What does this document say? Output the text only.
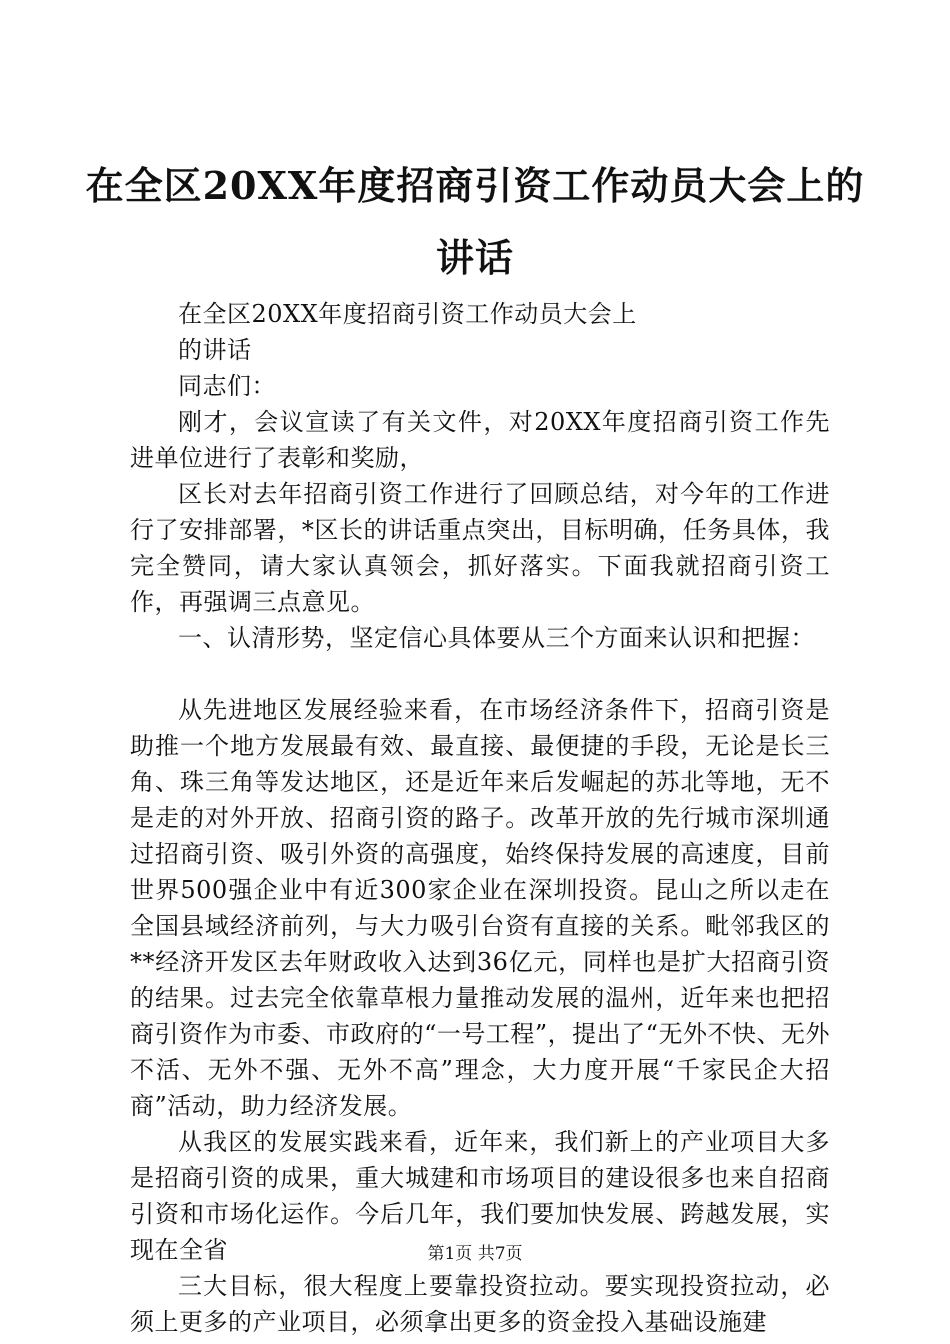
在全区20XX年度招商引资工作动员大会上的
讲话

在全区20XX年度招商引资工作动员大会上

的讲话

同志们：

刚才，会议宣读了有关文件，对20XX年度招商引资工作先进单位进行了表彰和奖励，

区长对去年招商引资工作进行了回顾总结，对今年的工作进行了安排部署，*区长的讲话重点突出，目标明确，任务具体，我完全赞同，请大家认真领会，抓好落实。下面我就招商引资工作，再强调三点意见。

一、认清形势，坚定信心具体要从三个方面来认识和把握：

从先进地区发展经验来看，在市场经济条件下，招商引资是助推一个地方发展最有效、最直接、最便捷的手段，无论是长三角、珠三角等发达地区，还是近年来后发崛起的苏北等地，无不是走的对外开放、招商引资的路子。改革开放的先行城市深圳通过招商引资、吸引外资的高强度，始终保持发展的高速度，目前世界500强企业中有近300家企业在深圳投资。昆山之所以走在全国县域经济前列，与大力吸引台资有直接的关系。毗邻我区的**经济开发区去年财政收入达到36亿元，同样也是扩大招商引资的结果。过去完全依靠草根力量推动发展的温州，近年来也把招商引资作为市委、市政府的“一号工程”，提出了“无外不快、无外不活、无外不强、无外不高”理念，大力度开展“千家民企大招商”活动，助力经济发展。

从我区的发展实践来看，近年来，我们新上的产业项目大多是招商引资的成果，重大城建和市场项目的建设很多也来自招商引资和市场化运作。今后几年，我们要加快发展、跨越发展，实现在全省

三大目标，很大程度上要靠投资拉动。要实现投资拉动，必须上更多的产业项目，必须拿出更多的资金投入基础设施建

第1页 共7页
